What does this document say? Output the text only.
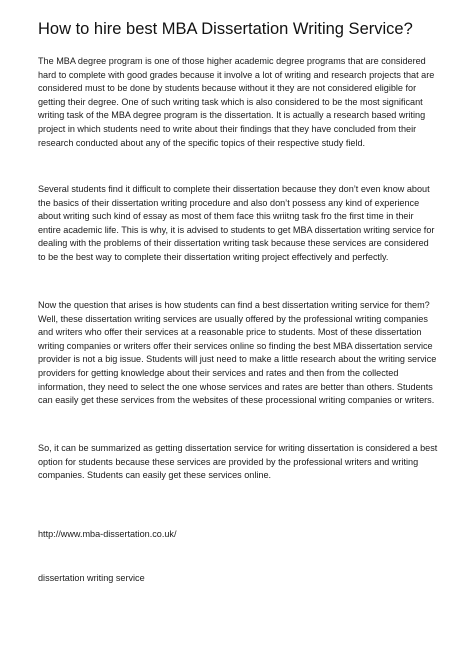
How to hire best MBA Dissertation Writing Service?

The MBA degree program is one of those higher academic degree programs that are considered hard to complete with good grades because it involve a lot of writing and research projects that are considered must to be done by students because without it they are not considered eligible for getting their degree. One of such writing task which is also considered to be the most significant writing task of the MBA degree program is the dissertation. It is actually a research based writing project in which students need to write about their findings that they have concluded from their research conducted about any of the specific topics of their respective study field.

Several students find it difficult to complete their dissertation because they don’t even know about the basics of their dissertation writing procedure and also don’t possess any kind of experience about writing such kind of essay as most of them face this wriitng task fro the first time in their entire academic life. This is why, it is advised to students to get MBA dissertation writing service for dealing with the problems of their dissertation writing task because these services are considered to be the best way to complete their dissertation writing project effectively and perfectly.

Now the question that arises is how students can find a best dissertation writing service for them? Well, these dissertation writing services are usually offered by the professional writing companies and writers who offer their services at a reasonable price to students. Most of these dissertation writing companies or writers offer their services online so finding the best MBA dissertation service provider is not a big issue. Students will just need to make a little research about the writing service providers for getting knowledge about their services and rates and then from the collected information, they need to select the one whose services and rates are better than others. Students can easily get these services from the websites of these processional writing companies or writers.

So, it can be summarized as getting dissertation service for writing dissertation is considered a best option for students because these services are provided by the professional writers and writing companies. Students can easily get these services online.

http://www.mba-dissertation.co.uk/

dissertation writing service
